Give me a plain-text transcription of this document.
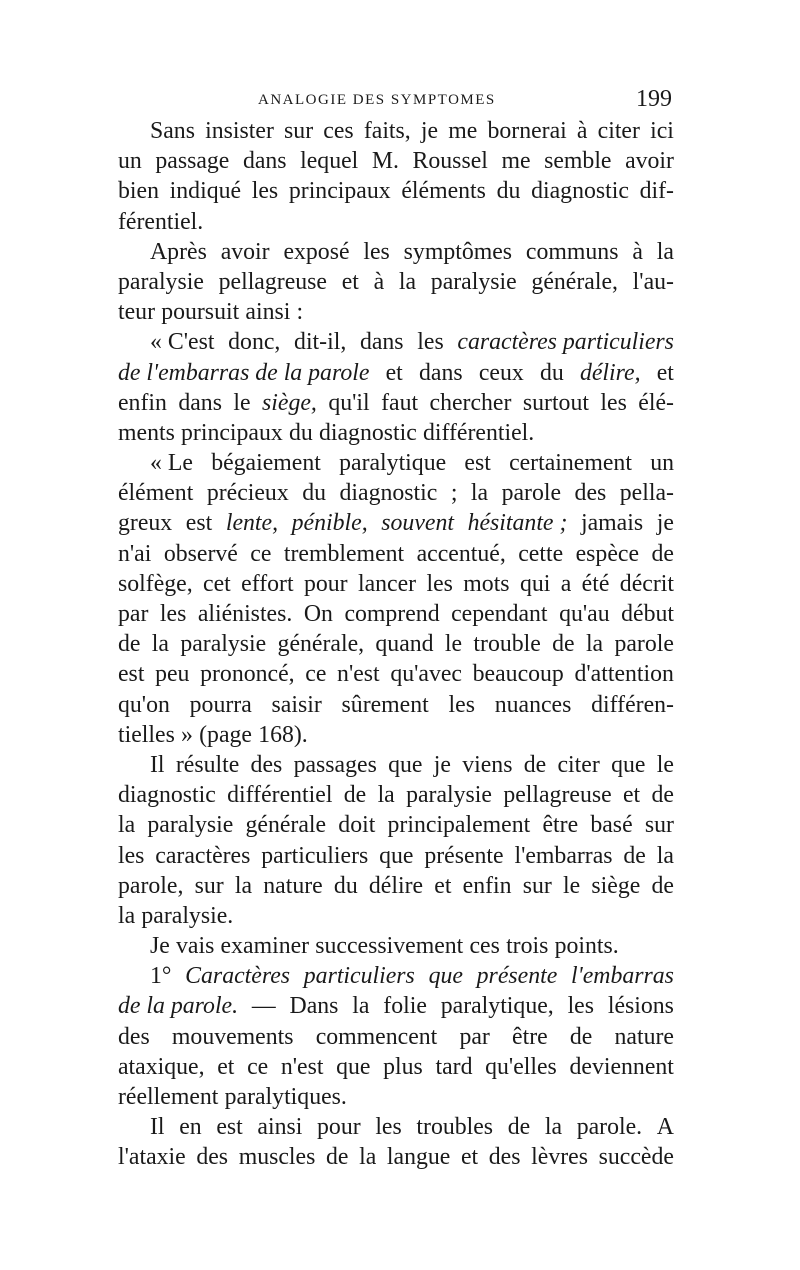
ANALOGIE DES SYMPTOMES	199
Sans insister sur ces faits, je me bornerai à citer ici
un passage dans lequel M. Roussel me semble avoir
bien indiqué les principaux éléments du diagnostic dif-
férentiel.
Après avoir exposé les symptômes communs à la
paralysie pellagreuse et à la paralysie générale, l'au-
teur poursuit ainsi :
« C'est donc, dit-il, dans les caractères particuliers
de l'embarras de la parole et dans ceux du délire, et
enfin dans le siège, qu'il faut chercher surtout les élé-
ments principaux du diagnostic différentiel.
« Le bégaiement paralytique est certainement un
élément précieux du diagnostic ; la parole des pella-
greux est lente, pénible, souvent hésitante ; jamais je
n'ai observé ce tremblement accentué, cette espèce de
solfège, cet effort pour lancer les mots qui a été décrit
par les aliénistes. On comprend cependant qu'au début
de la paralysie générale, quand le trouble de la parole
est peu prononcé, ce n'est qu'avec beaucoup d'attention
qu'on pourra saisir sûrement les nuances différen-
tielles » (page 168).
Il résulte des passages que je viens de citer que le
diagnostic différentiel de la paralysie pellagreuse et de
la paralysie générale doit principalement être basé sur
les caractères particuliers que présente l'embarras de la
parole, sur la nature du délire et enfin sur le siège de
la paralysie.
Je vais examiner successivement ces trois points.
1° Caractères particuliers que présente l'embarras
de la parole. — Dans la folie paralytique, les lésions
des mouvements commencent par être de nature
ataxique, et ce n'est que plus tard qu'elles deviennent
réellement paralytiques.
Il en est ainsi pour les troubles de la parole. A
l'ataxie des muscles de la langue et des lèvres succède
